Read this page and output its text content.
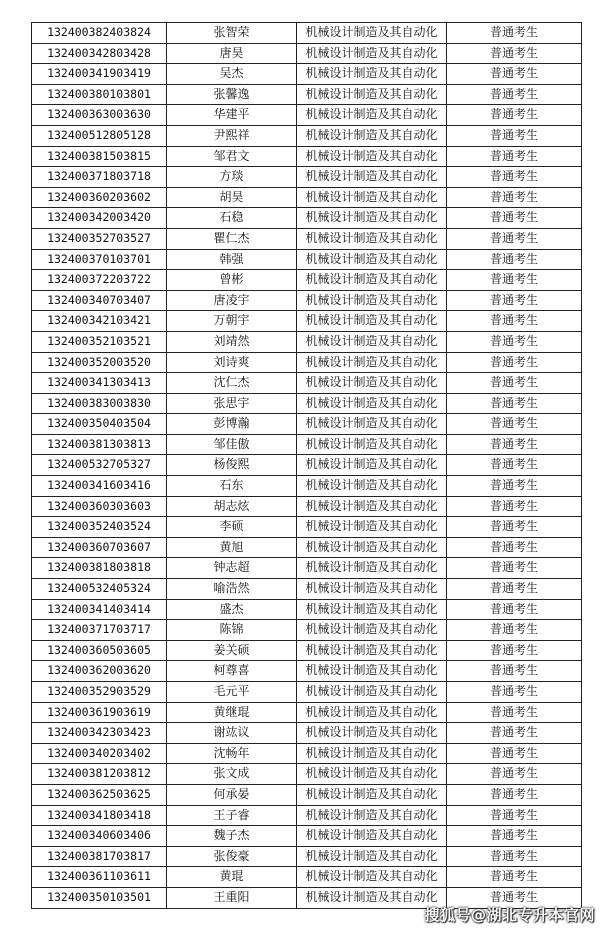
132400382403824	张智荣	机械设计制造及其自动化	普通考生
132400342803428	唐昊	机械设计制造及其自动化	普通考生
132400341903419	吴杰	机械设计制造及其自动化	普通考生
132400380103801	张馨逸	机械设计制造及其自动化	普通考生
132400363003630	华建平	机械设计制造及其自动化	普通考生
132400512805128	尹熙祥	机械设计制造及其自动化	普通考生
132400381503815	邹君文	机械设计制造及其自动化	普通考生
132400371803718	方琰	机械设计制造及其自动化	普通考生
132400360203602	胡昊	机械设计制造及其自动化	普通考生
132400342003420	石稳	机械设计制造及其自动化	普通考生
132400352703527	瞿仁杰	机械设计制造及其自动化	普通考生
132400370103701	韩强	机械设计制造及其自动化	普通考生
132400372203722	曾彬	机械设计制造及其自动化	普通考生
132400340703407	唐凌宇	机械设计制造及其自动化	普通考生
132400342103421	万朝宇	机械设计制造及其自动化	普通考生
132400352103521	刘靖然	机械设计制造及其自动化	普通考生
132400352003520	刘诗爽	机械设计制造及其自动化	普通考生
132400341303413	沈仁杰	机械设计制造及其自动化	普通考生
132400383003830	张思宇	机械设计制造及其自动化	普通考生
132400350403504	彭博瀚	机械设计制造及其自动化	普通考生
132400381303813	邹佳傲	机械设计制造及其自动化	普通考生
132400532705327	杨俊熙	机械设计制造及其自动化	普通考生
132400341603416	石东	机械设计制造及其自动化	普通考生
132400360303603	胡志炫	机械设计制造及其自动化	普通考生
132400352403524	李硕	机械设计制造及其自动化	普通考生
132400360703607	黄旭	机械设计制造及其自动化	普通考生
132400381803818	钟志超	机械设计制造及其自动化	普通考生
132400532405324	喻浩然	机械设计制造及其自动化	普通考生
132400341403414	盛杰	机械设计制造及其自动化	普通考生
132400371703717	陈锦	机械设计制造及其自动化	普通考生
132400360503605	姜关硕	机械设计制造及其自动化	普通考生
132400362003620	柯尊喜	机械设计制造及其自动化	普通考生
132400352903529	毛元平	机械设计制造及其自动化	普通考生
132400361903619	黄继琨	机械设计制造及其自动化	普通考生
132400342303423	谢竑议	机械设计制造及其自动化	普通考生
132400340203402	沈畅年	机械设计制造及其自动化	普通考生
132400381203812	张文成	机械设计制造及其自动化	普通考生
132400362503625	何承晏	机械设计制造及其自动化	普通考生
132400341803418	王子睿	机械设计制造及其自动化	普通考生
132400340603406	魏子杰	机械设计制造及其自动化	普通考生
132400381703817	张俊豪	机械设计制造及其自动化	普通考生
132400361103611	黄琨	机械设计制造及其自动化	普通考生
132400350103501	王重阳	机械设计制造及其自动化	普通考生
搜狐号@湖北专升本官网
